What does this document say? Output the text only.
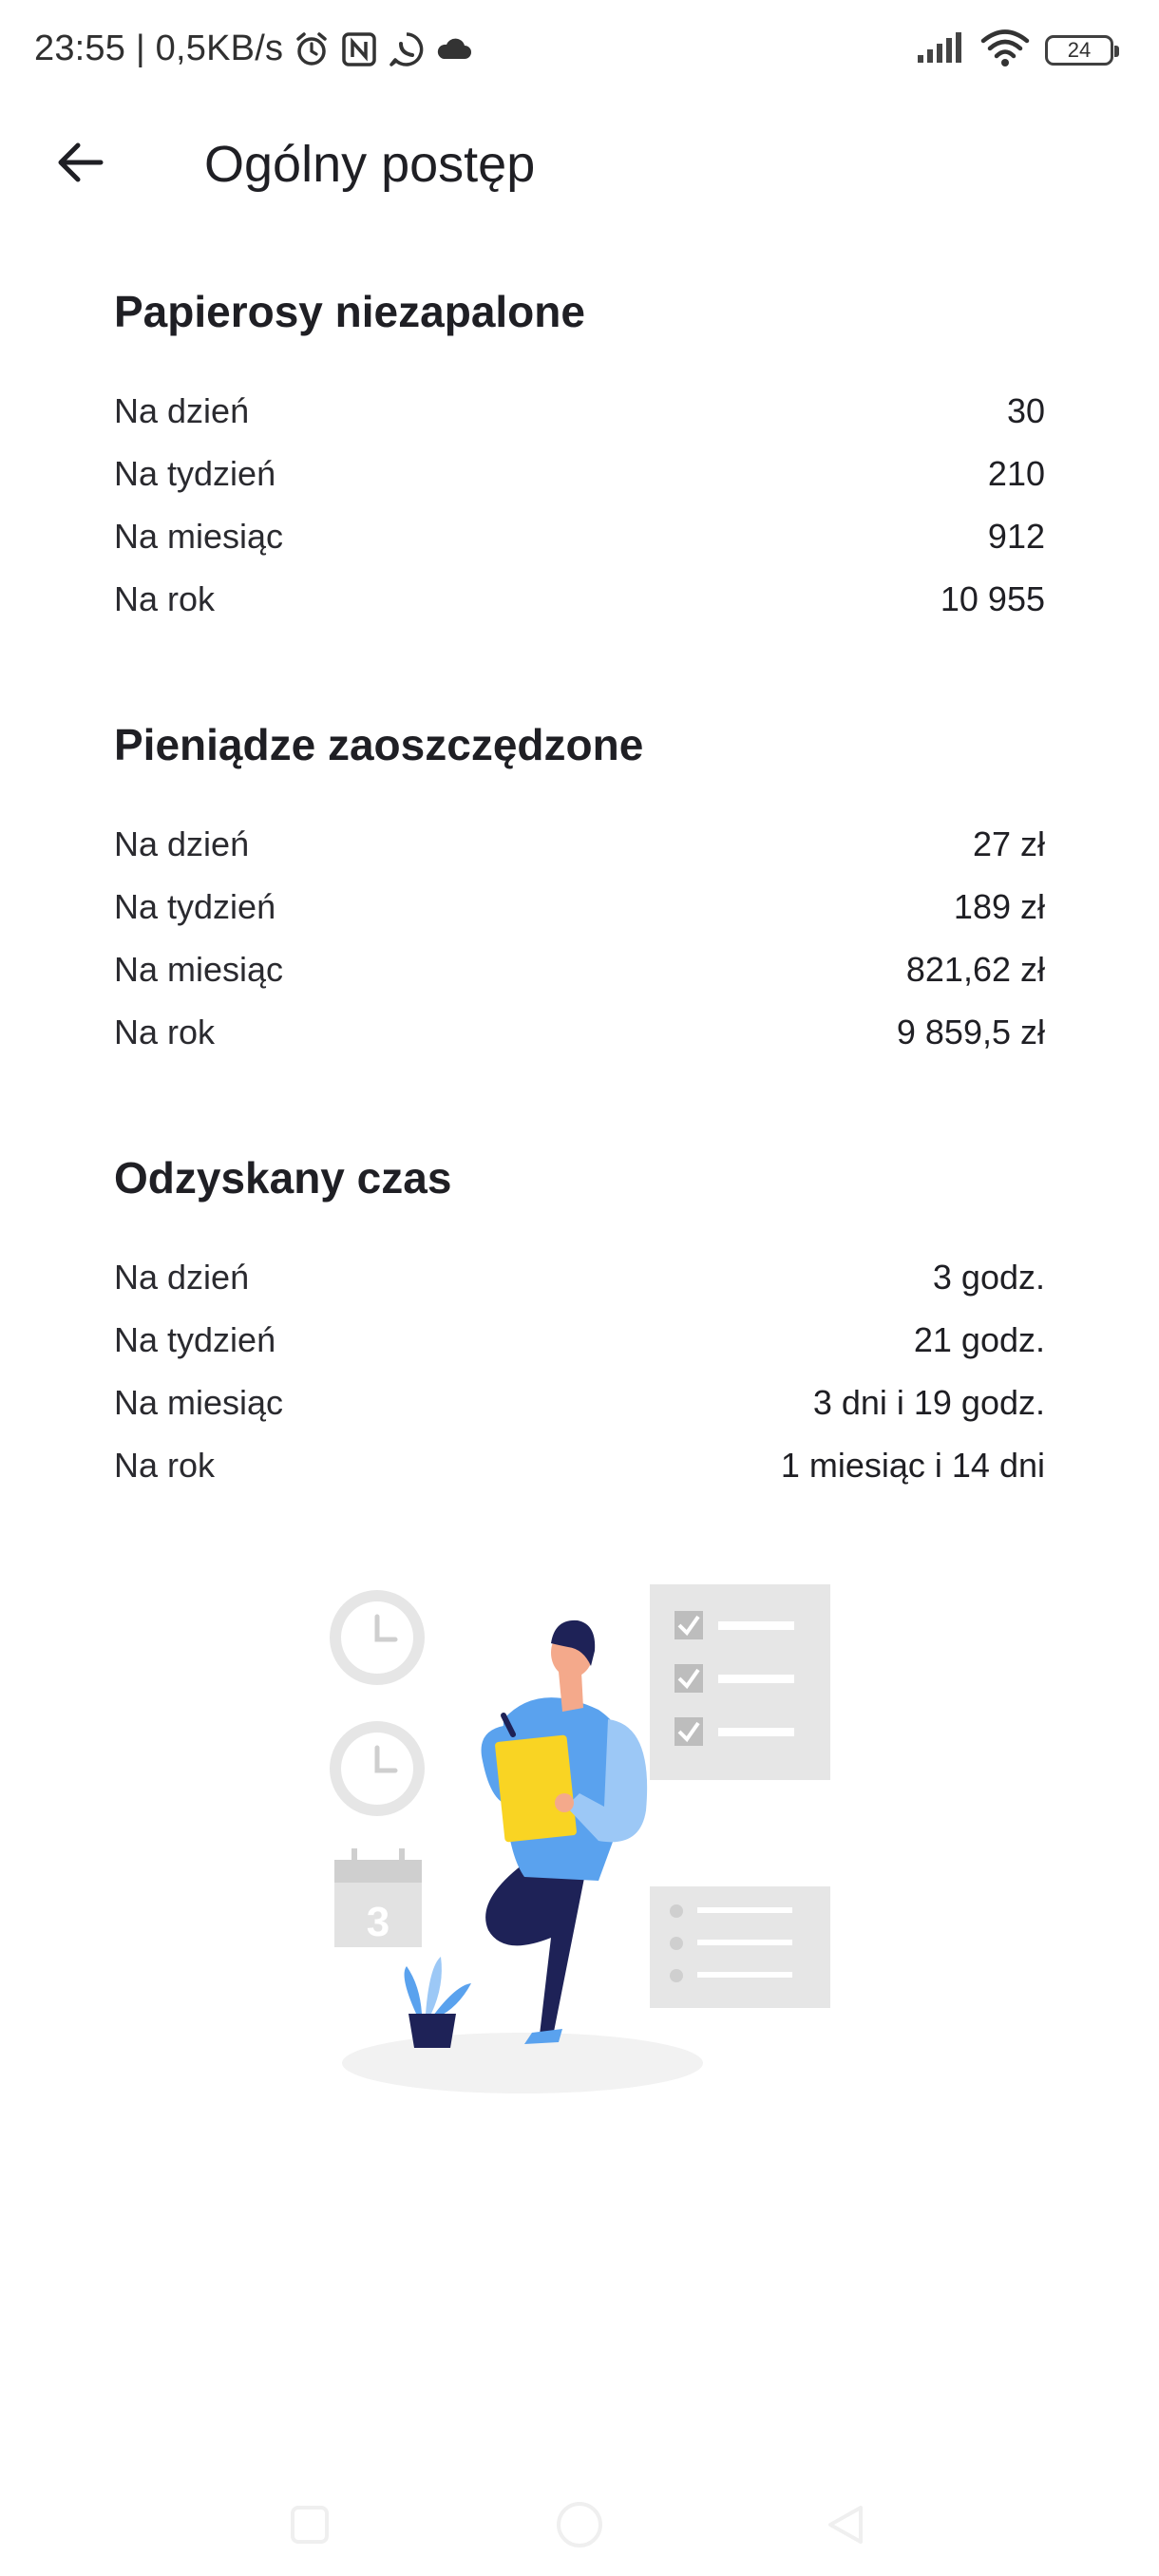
23:55 | 0,5KB/s	24
Ogólny postęp
Papierosy niezapalone
Na dzień	30
Na tydzień	210
Na miesiąc	912
Na rok	10 955
Pieniądze zaoszczędzone
Na dzień	27 zł
Na tydzień	189 zł
Na miesiąc	821,62 zł
Na rok	9 859,5 zł
Odzyskany czas
Na dzień	3 godz.
Na tydzień	21 godz.
Na miesiąc	3 dni i 19 godz.
Na rok	1 miesiąc i 14 dni
3
